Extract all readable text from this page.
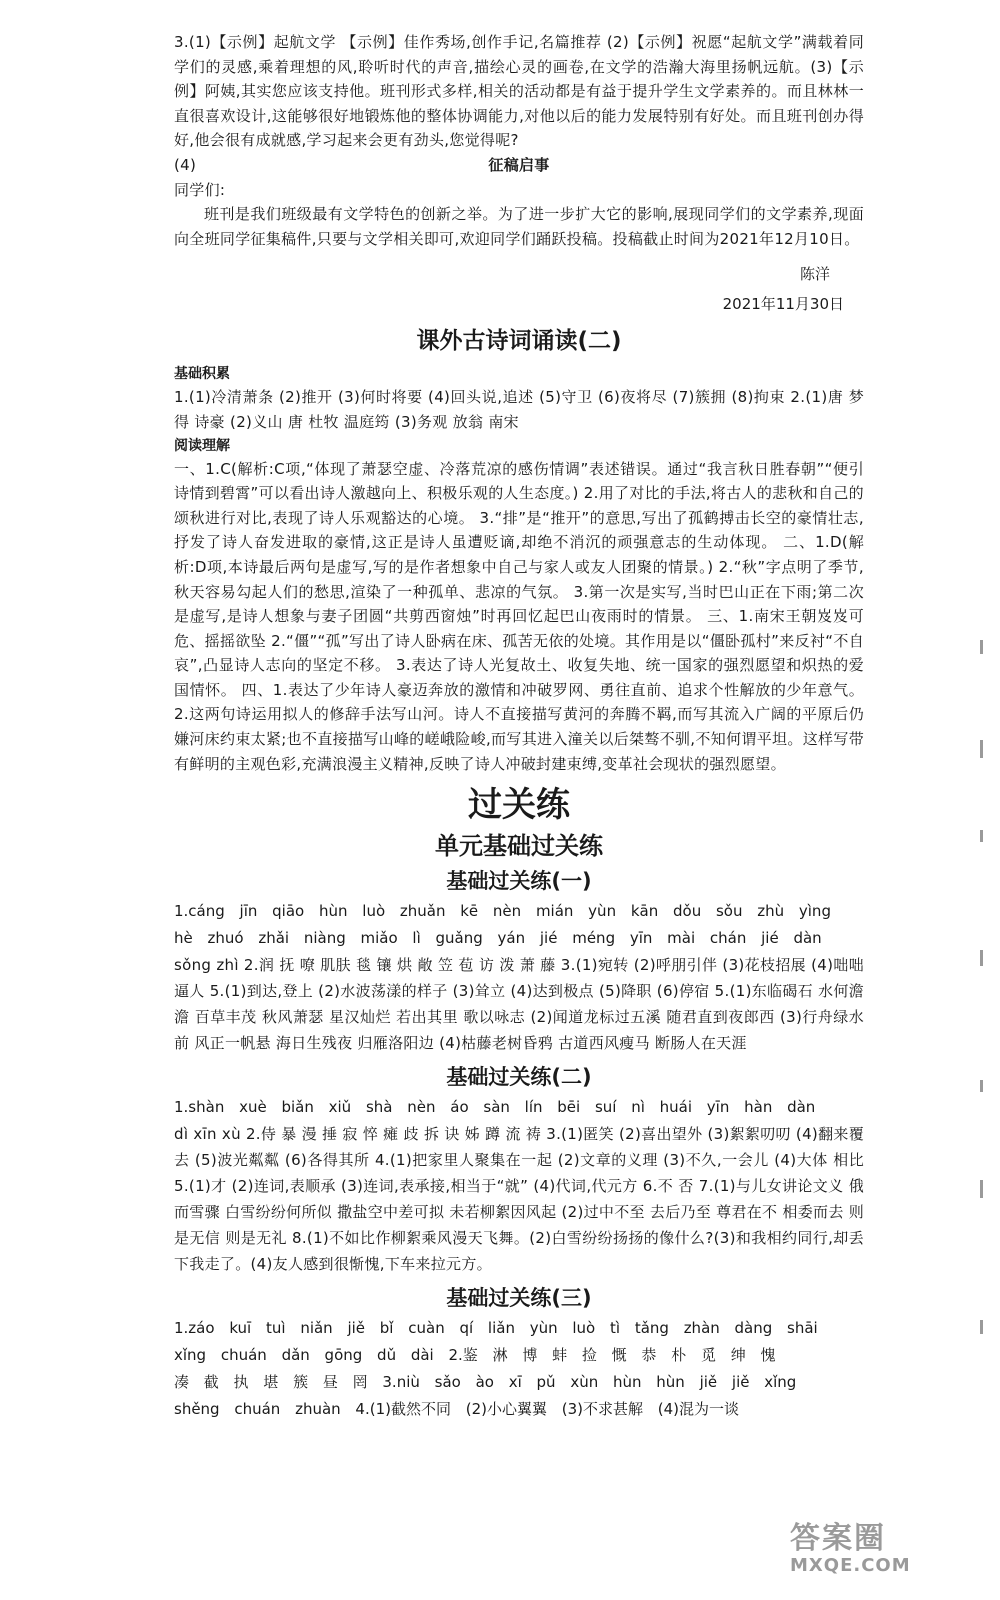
3.(1)【示例】起航文学 【示例】佳作秀场,创作手记,名篇推荐 (2)【示例】祝愿“起航文学”满载着同学们的灵感,乘着理想的风,聆听时代的声音,描绘心灵的画卷,在文学的浩瀚大海里扬帆远航。(3)【示例】阿姨,其实您应该支持他。班刊形式多样,相关的活动都是有益于提升学生文学素养的。而且林林一直很喜欢设计,这能够很好地锻炼他的整体协调能力,对他以后的能力发展特别有好处。而且班刊创办得好,他会很有成就感,学习起来会更有劲头,您觉得呢?

(4)	征稿启事

同学们:

班刊是我们班级最有文学特色的创新之举。为了进一步扩大它的影响,展现同学们的文学素养,现面向全班同学征集稿件,只要与文学相关即可,欢迎同学们踊跃投稿。投稿截止时间为2021年12月10日。

陈洋

2021年11月30日

课外古诗词诵读(二)

基础积累

1.(1)冷清萧条 (2)推开 (3)何时将要 (4)回头说,追述 (5)守卫 (6)夜将尽 (7)簇拥 (8)拘束 2.(1)唐 梦得 诗豪 (2)义山 唐 杜牧 温庭筠 (3)务观 放翁 南宋

阅读理解

一、1.C(解析:C项,“体现了萧瑟空虚、冷落荒凉的感伤情调”表述错误。通过“我言秋日胜春朝”“便引诗情到碧霄”可以看出诗人激越向上、积极乐观的人生态度。) 2.用了对比的手法,将古人的悲秋和自己的颂秋进行对比,表现了诗人乐观豁达的心境。 3.“排”是“推开”的意思,写出了孤鹤搏击长空的豪情壮志,抒发了诗人奋发进取的豪情,这正是诗人虽遭贬谪,却绝不消沉的顽强意志的生动体现。 二、1.D(解析:D项,本诗最后两句是虚写,写的是作者想象中自己与家人或友人团聚的情景。) 2.“秋”字点明了季节,秋天容易勾起人们的愁思,渲染了一种孤单、悲凉的气氛。 3.第一次是实写,当时巴山正在下雨;第二次是虚写,是诗人想象与妻子团圆“共剪西窗烛”时再回忆起巴山夜雨时的情景。 三、1.南宋王朝岌岌可危、摇摇欲坠 2.“僵”“孤”写出了诗人卧病在床、孤苦无依的处境。其作用是以“僵卧孤村”来反衬“不自哀”,凸显诗人志向的坚定不移。 3.表达了诗人光复故土、收复失地、统一国家的强烈愿望和炽热的爱国情怀。 四、1.表达了少年诗人豪迈奔放的激情和冲破罗网、勇往直前、追求个性解放的少年意气。 2.这两句诗运用拟人的修辞手法写山河。诗人不直接描写黄河的奔腾不羁,而写其流入广阔的平原后仍嫌河床约束太紧;也不直接描写山峰的嵯峨险峻,而写其进入潼关以后桀骜不驯,不知何谓平坦。这样写带有鲜明的主观色彩,充满浪漫主义精神,反映了诗人冲破封建束缚,变革社会现状的强烈愿望。

过关练

单元基础过关练

基础过关练(一)

1.cáng jīn qiāo hùn luò zhuǎn kē nèn mián yùn kān dǒu sǒu zhù yìng

hè zhuó zhǎi niàng miǎo lì guǎng yán jié méng yīn mài chán jié dàn

sǒng zhì 2.润 抚 嘹 肌肤 毯 镶 烘 敞 笠 苞 访 泼 萧 藤 3.(1)宛转 (2)呼朋引伴 (3)花枝招展 (4)咄咄逼人 5.(1)到达,登上 (2)水波荡漾的样子 (3)耸立 (4)达到极点 (5)降职 (6)停宿 5.(1)东临碣石 水何澹澹 百草丰茂 秋风萧瑟 星汉灿烂 若出其里 歌以咏志 (2)闻道龙标过五溪 随君直到夜郎西 (3)行舟绿水前 风正一帆悬 海日生残夜 归雁洛阳边 (4)枯藤老树昏鸦 古道西风瘦马 断肠人在天涯

基础过关练(二)

1.shàn xuè biǎn xiǔ shà nèn áo sàn lín bēi suí nì huái yīn hàn dàn

dì xīn xù 2.侍 暴 漫 捶 寂 悴 瘫 歧 拆 诀 姊 蹲 流 祷 3.(1)匿笑 (2)喜出望外 (3)絮絮叨叨 (4)翻来覆去 (5)波光粼粼 (6)各得其所 4.(1)把家里人聚集在一起 (2)文章的义理 (3)不久,一会儿 (4)大体 相比 5.(1)才 (2)连词,表顺承 (3)连词,表承接,相当于“就” (4)代词,代元方 6.不 否 7.(1)与儿女讲论文义 俄而雪骤 白雪纷纷何所似 撒盐空中差可拟 未若柳絮因风起 (2)过中不至 去后乃至 尊君在不 相委而去 则是无信 则是无礼 8.(1)不如比作柳絮乘风漫天飞舞。(2)白雪纷纷扬扬的像什么?(3)和我相约同行,却丢下我走了。(4)友人感到很惭愧,下车来拉元方。

基础过关练(三)

1.záo kuī tuì niǎn jiě bǐ cuàn qí liǎn yùn luò tì tǎng zhàn dàng shāi

xǐng chuán dǎn gōng dǔ dài 2.鉴 淋 博 蚌 捡 慨 恭 朴 觅 绅 愧

凑 截 执 堪 簇 昼 罔 3.niù sǎo ào xī pǔ xùn hùn hùn jiě jiě xǐng

shěng chuán zhuàn 4.(1)截然不同 (2)小心翼翼 (3)不求甚解 (4)混为一谈

答案圈
MXQE.COM
